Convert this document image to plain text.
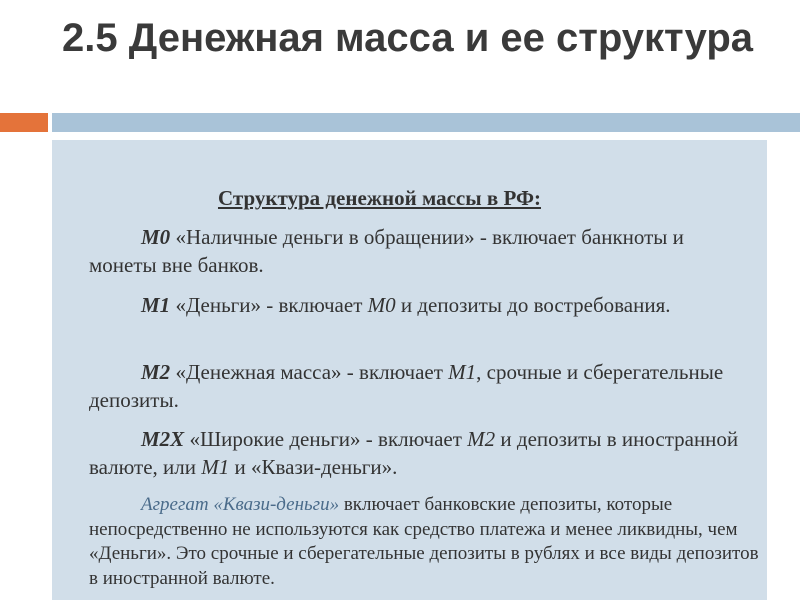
2.5 Денежная масса и ее структура
Структура денежной массы в РФ:

M0 «Наличные деньги в обращении» - включает банкноты и монеты вне банков.

M1 «Деньги» - включает M0 и депозиты до востребования.

M2 «Денежная масса» - включает M1, срочные и сберегательные депозиты.

M2X «Широкие деньги» - включает M2 и депозиты в иностранной валюте, или M1 и «Квази-деньги».

Агрегат «Квази-деньги» включает банковские депозиты, которые непосредственно не используются как средство платежа и менее ликвидны, чем «Деньги». Это срочные и сберегательные депозиты в рублях и все виды депозитов в иностранной валюте.
